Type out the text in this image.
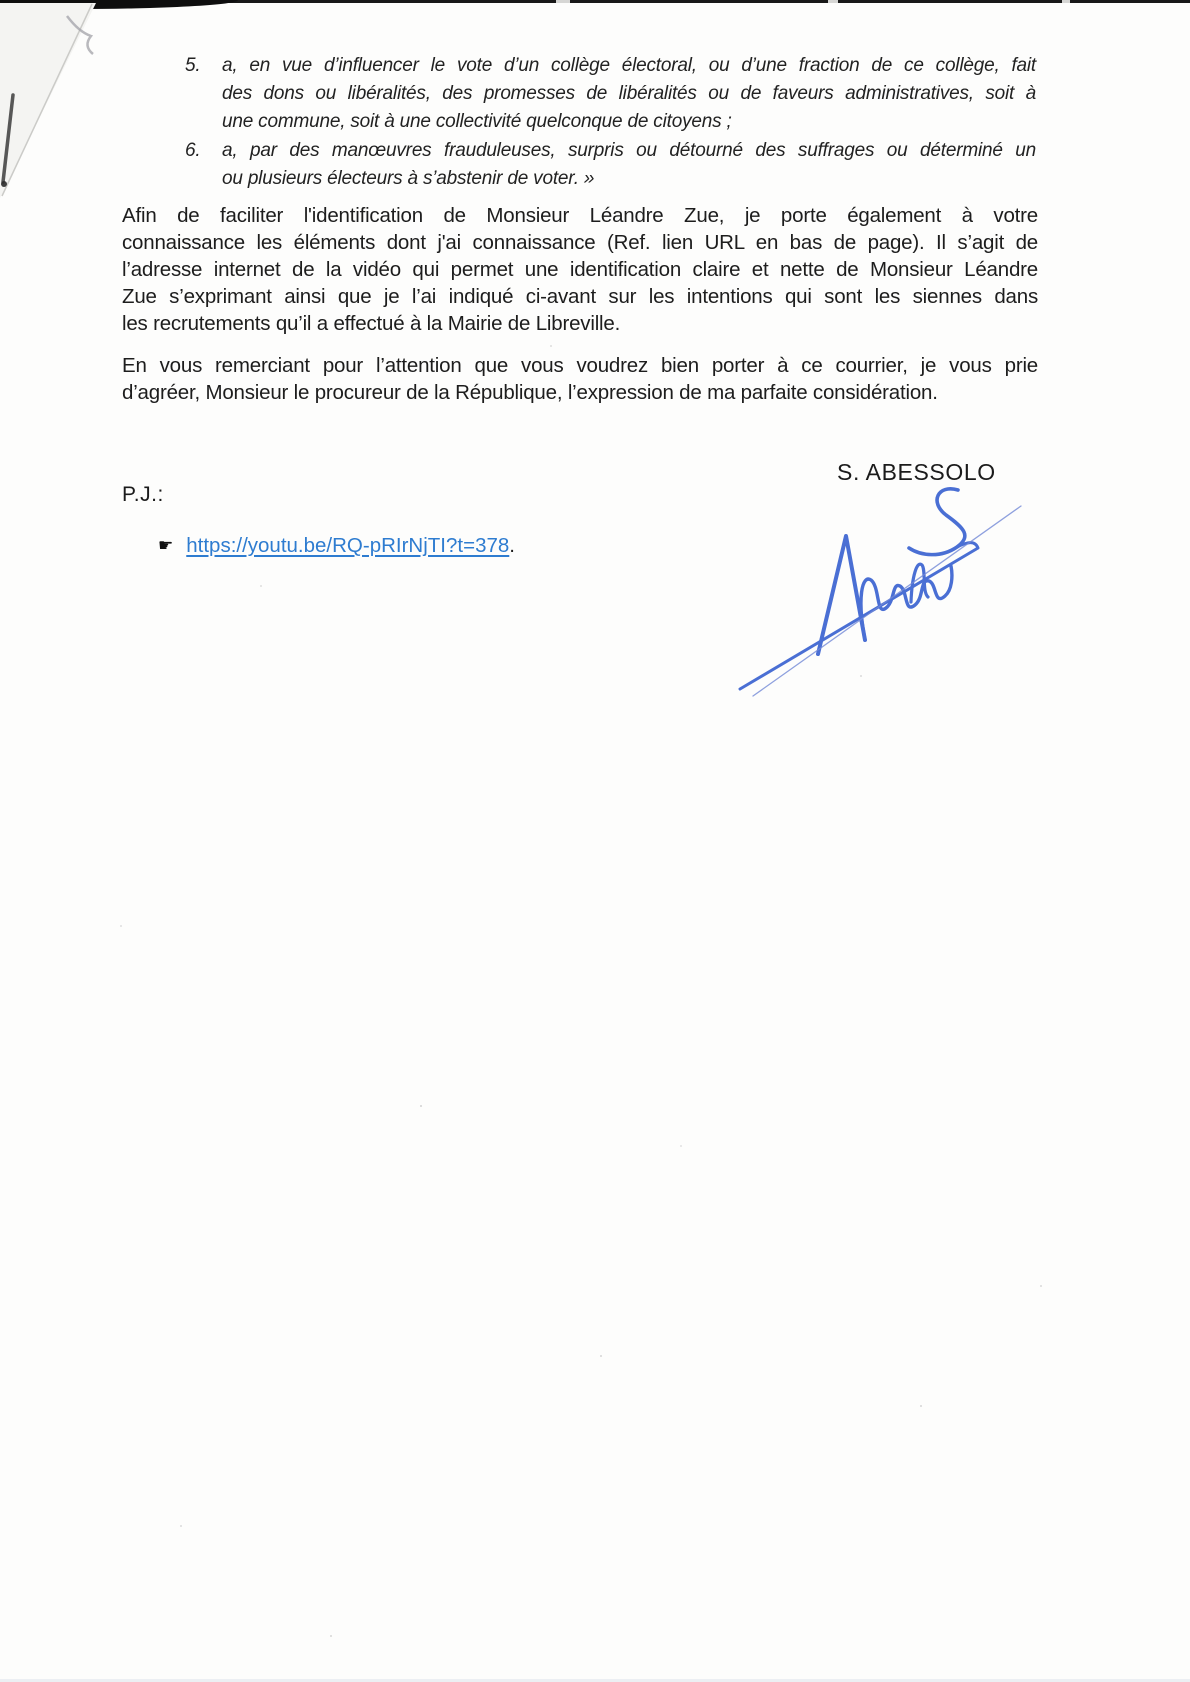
5.	a, en vue d’influencer le vote d’un collège électoral, ou d’une fraction de ce collège, fait
des dons ou libéralités, des promesses de libéralités ou de faveurs administratives, soit à
une commune, soit à une collectivité quelconque de citoyens ;
6.	a, par des manœuvres frauduleuses, surpris ou détourné des suffrages ou déterminé un
ou plusieurs électeurs à s’abstenir de voter. »
Afin de faciliter l'identification de Monsieur Léandre Zue, je porte également à votre
connaissance les éléments dont j'ai connaissance (Ref. lien URL en bas de page). Il s’agit de
l’adresse internet de la vidéo qui permet une identification claire et nette de Monsieur Léandre
Zue s’exprimant ainsi que je l’ai indiqué ci-avant sur les intentions qui sont les siennes dans
les recrutements qu’il a effectué à la Mairie de Libreville.
En vous remerciant pour l’attention que vous voudrez bien porter à ce courrier, je vous prie
d’agréer, Monsieur le procureur de la République, l’expression de ma parfaite considération.
S. ABESSOLO
P.J.:
☛ https://youtu.be/RQ-pRIrNjTI?t=378 .
